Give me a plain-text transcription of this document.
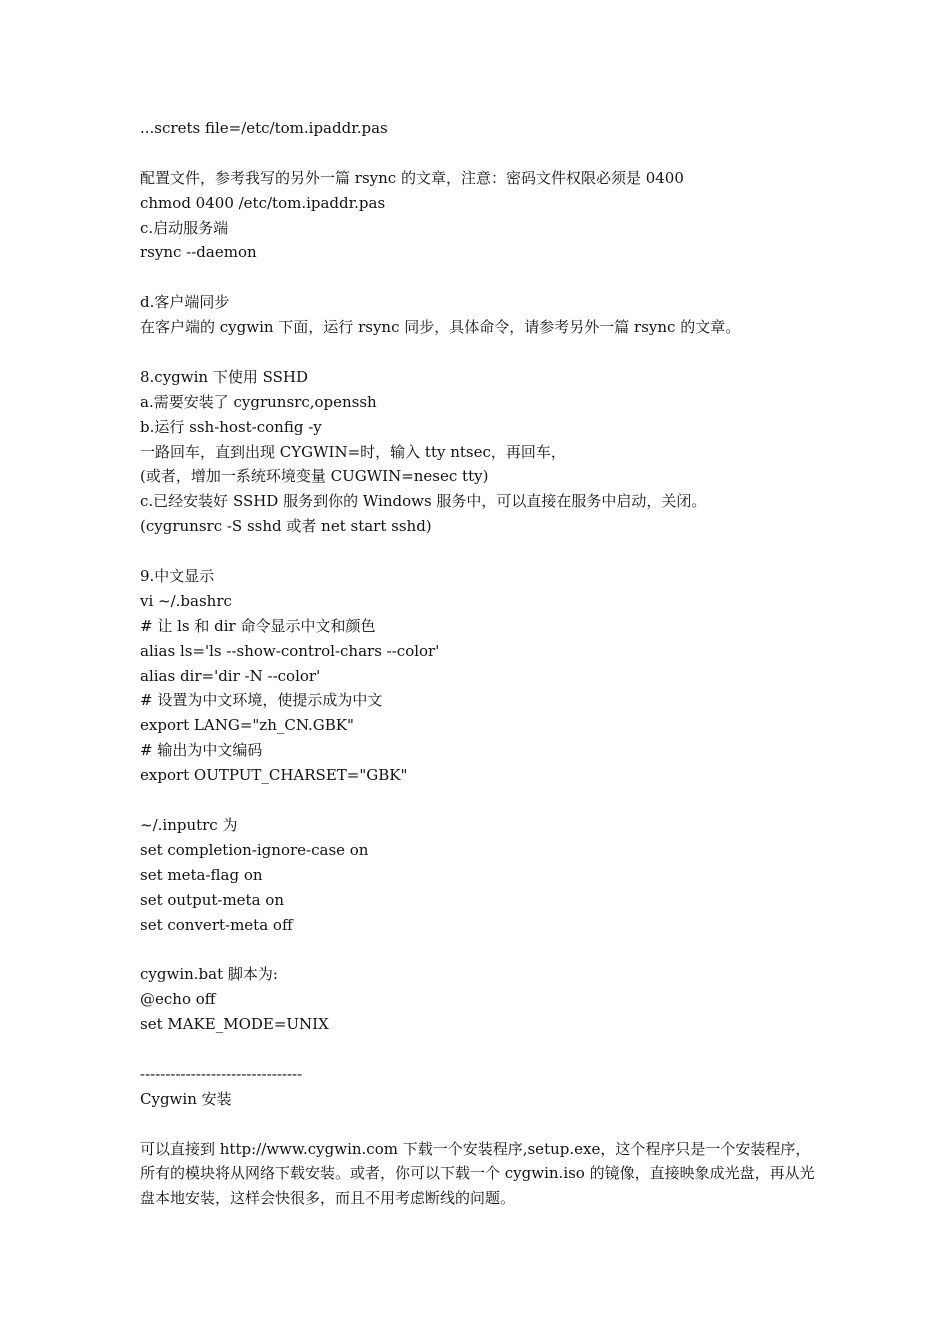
...screts file=/etc/tom.ipaddr.pas
配置文件，参考我写的另外一篇 rsync 的文章，注意：密码文件权限必须是 0400
chmod 0400 /etc/tom.ipaddr.pas
c.启动服务端
rsync --daemon
d.客户端同步
在客户端的 cygwin 下面，运行 rsync 同步，具体命令，请参考另外一篇 rsync 的文章。
8.cygwin 下使用 SSHD
a.需要安装了 cygrunsrc,openssh
b.运行 ssh-host-config -y
一路回车，直到出现 CYGWIN=时，输入 tty ntsec，再回车，
(或者，增加一系统环境变量 CUGWIN=nesec tty)
c.已经安装好 SSHD 服务到你的 Windows 服务中，可以直接在服务中启动，关闭。
(cygrunsrc -S sshd 或者 net start sshd)
9.中文显示
vi ~/.bashrc
# 让 ls 和 dir 命令显示中文和颜色
alias ls='ls --show-control-chars --color'
alias dir='dir -N --color'
# 设置为中文环境，使提示成为中文
export LANG="zh_CN.GBK"
# 输出为中文编码
export OUTPUT_CHARSET="GBK"
~/.inputrc 为
set completion-ignore-case on
set meta-flag on
set output-meta on
set convert-meta off
cygwin.bat 脚本为:
@echo off
set MAKE_MODE=UNIX
--------------------------------
Cygwin 安装
可以直接到 http://www.cygwin.com 下载一个安装程序,setup.exe，这个程序只是一个安装程序，所有的模块将从网络下载安装。或者，你可以下载一个 cygwin.iso 的镜像，直接映象成光盘，再从光盘本地安装，这样会快很多，而且不用考虑断线的问题。
